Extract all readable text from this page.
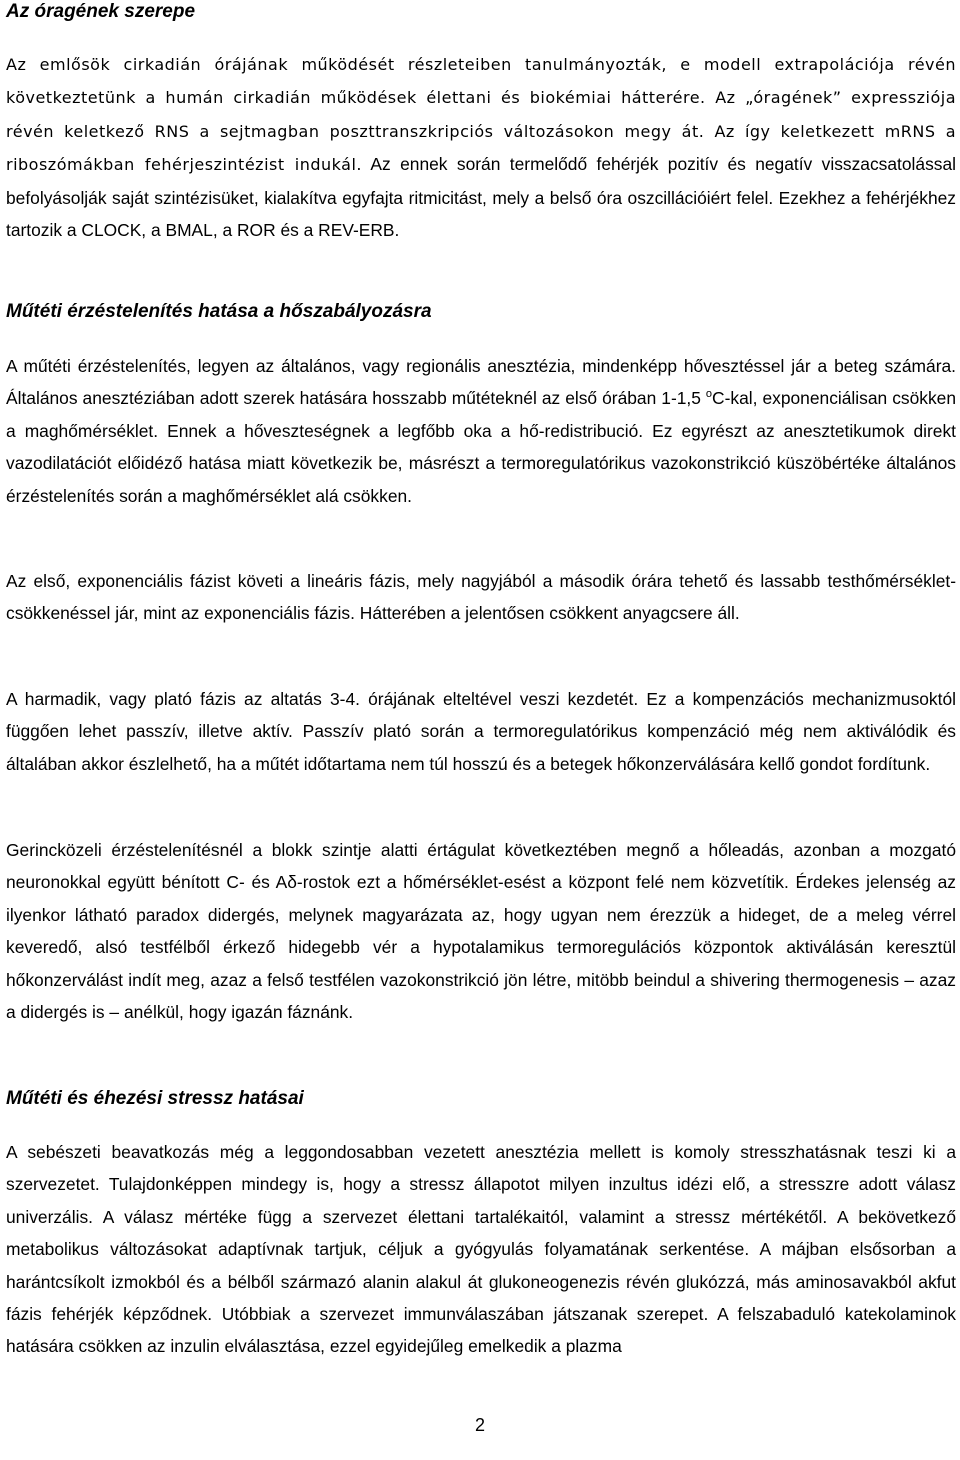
Az óragének szerepe

Az emlősök cirkadián órájának működését részleteiben tanulmányozták, e modell extrapolációja révén következtetünk a humán cirkadián működések élettani és biokémiai hátterére. Az „óragének” expressziója révén keletkező RNS a sejtmagban poszttranszkripciós változásokon megy át. Az így keletkezett mRNS a riboszómákban fehérjeszintézist indukál. Az ennek során termelődő fehérjék pozitív és negatív visszacsatolással befolyásolják saját szintézisüket, kialakítva egyfajta ritmicitást, mely a belső óra oszcillációiért felel. Ezekhez a fehérjékhez tartozik a CLOCK, a BMAL, a ROR és a REV-ERB.

Műtéti érzéstelenítés hatása a hőszabályozásra

A műtéti érzéstelenítés, legyen az általános, vagy regionális anesztézia, mindenképp hővesztéssel jár a beteg számára. Általános anesztéziában adott szerek hatására hosszabb műtéteknél az első órában 1-1,5 $^o$C-kal, exponenciálisan csökken a maghőmérséklet. Ennek a hőveszteségnek a legfőbb oka a hő-redistribució. Ez egyrészt az anesztetikumok direkt vazodilatációt előidéző hatása miatt következik be, másrészt a termoregulatórikus vazokonstrikció küszöbértéke általános érzéstelenítés során a maghőmérséklet alá csökken.

Az első, exponenciális fázist követi a lineáris fázis, mely nagyjából a második órára tehető és lassabb testhőmérséklet-csökkenéssel jár, mint az exponenciális fázis. Hátterében a jelentősen csökkent anyagcsere áll.

A harmadik, vagy plató fázis az altatás 3-4. órájának elteltével veszi kezdetét. Ez a kompenzációs mechanizmusoktól függően lehet passzív, illetve aktív. Passzív plató során a termoregulatórikus kompenzáció még nem aktiválódik és általában akkor észlelhető, ha a műtét időtartama nem túl hosszú és a betegek hőkonzerválására kellő gondot fordítunk.

Gerincközeli érzéstelenítésnél a blokk szintje alatti értágulat következtében megnő a hőleadás, azonban a mozgató neuronokkal együtt bénított C- és Aδ-rostok ezt a hőmérséklet-esést a központ felé nem közvetítik. Érdekes jelenség az ilyenkor látható paradox didergés, melynek magyarázata az, hogy ugyan nem érezzük a hideget, de a meleg vérrel keveredő, alsó testfélből érkező hidegebb vér a hypotalamikus termoregulációs központok aktiválásán keresztül hőkonzerválást indít meg, azaz a felső testfélen vazokonstrikció jön létre, mitöbb beindul a shivering thermogenesis – azaz a didergés is – anélkül, hogy igazán fáznánk.

Műtéti és éhezési stressz hatásai

A sebészeti beavatkozás még a leggondosabban vezetett anesztézia mellett is komoly stresszhatásnak teszi ki a szervezetet. Tulajdonképpen mindegy is, hogy a stressz állapotot milyen inzultus idézi elő, a stresszre adott válasz univerzális. A válasz mértéke függ a szervezet élettani tartalékaitól, valamint a stressz mértékétől. A bekövetkező metabolikus változásokat adaptívnak tartjuk, céljuk a gyógyulás folyamatának serkentése. A májban elsősorban a harántcsíkolt izmokból és a bélből származó alanin alakul át glukoneogenezis révén glukózzá, más aminosavakból akfut fázis fehérjék képződnek. Utóbbiak a szervezet immunválaszában játszanak szerepet. A felszabaduló katekolaminok hatására csökken az inzulin elválasztása, ezzel egyidejűleg emelkedik a plazma

2
